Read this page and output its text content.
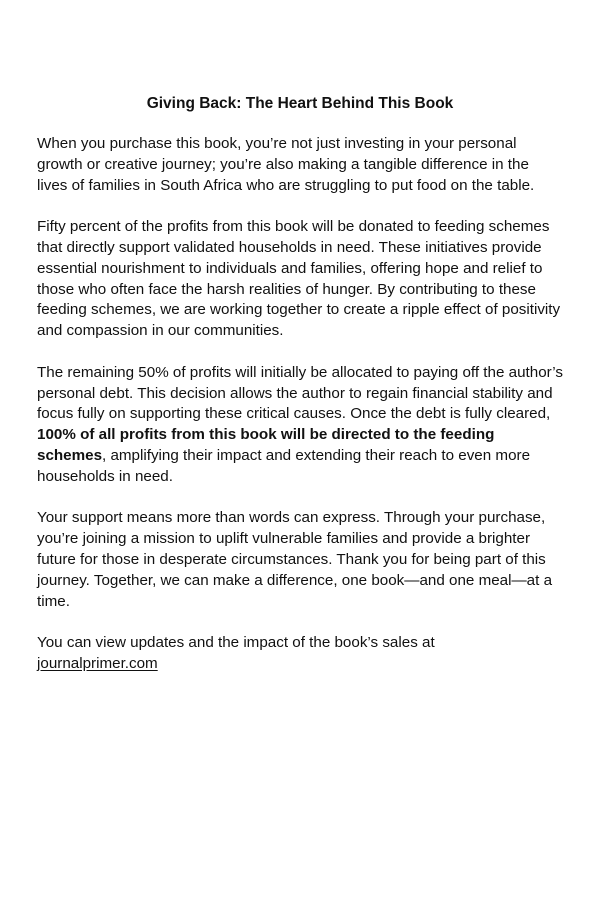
Giving Back: The Heart Behind This Book

When you purchase this book, you’re not just investing in your personal growth or creative journey; you’re also making a tangible difference in the lives of families in South Africa who are struggling to put food on the table.

Fifty percent of the profits from this book will be donated to feeding schemes that directly support validated households in need. These initiatives provide essential nourishment to individuals and families, offering hope and relief to those who often face the harsh realities of hunger. By contributing to these feeding schemes, we are working together to create a ripple effect of positivity and compassion in our communities.

The remaining 50% of profits will initially be allocated to paying off the author’s personal debt. This decision allows the author to regain financial stability and focus fully on supporting these critical causes. Once the debt is fully cleared, 100% of all profits from this book will be directed to the feeding schemes, amplifying their impact and extending their reach to even more households in need.

Your support means more than words can express. Through your purchase, you’re joining a mission to uplift vulnerable families and provide a brighter future for those in desperate circumstances. Thank you for being part of this journey. Together, we can make a difference, one book—and one meal—at a time.

You can view updates and the impact of the book’s sales at
journalprimer.com
